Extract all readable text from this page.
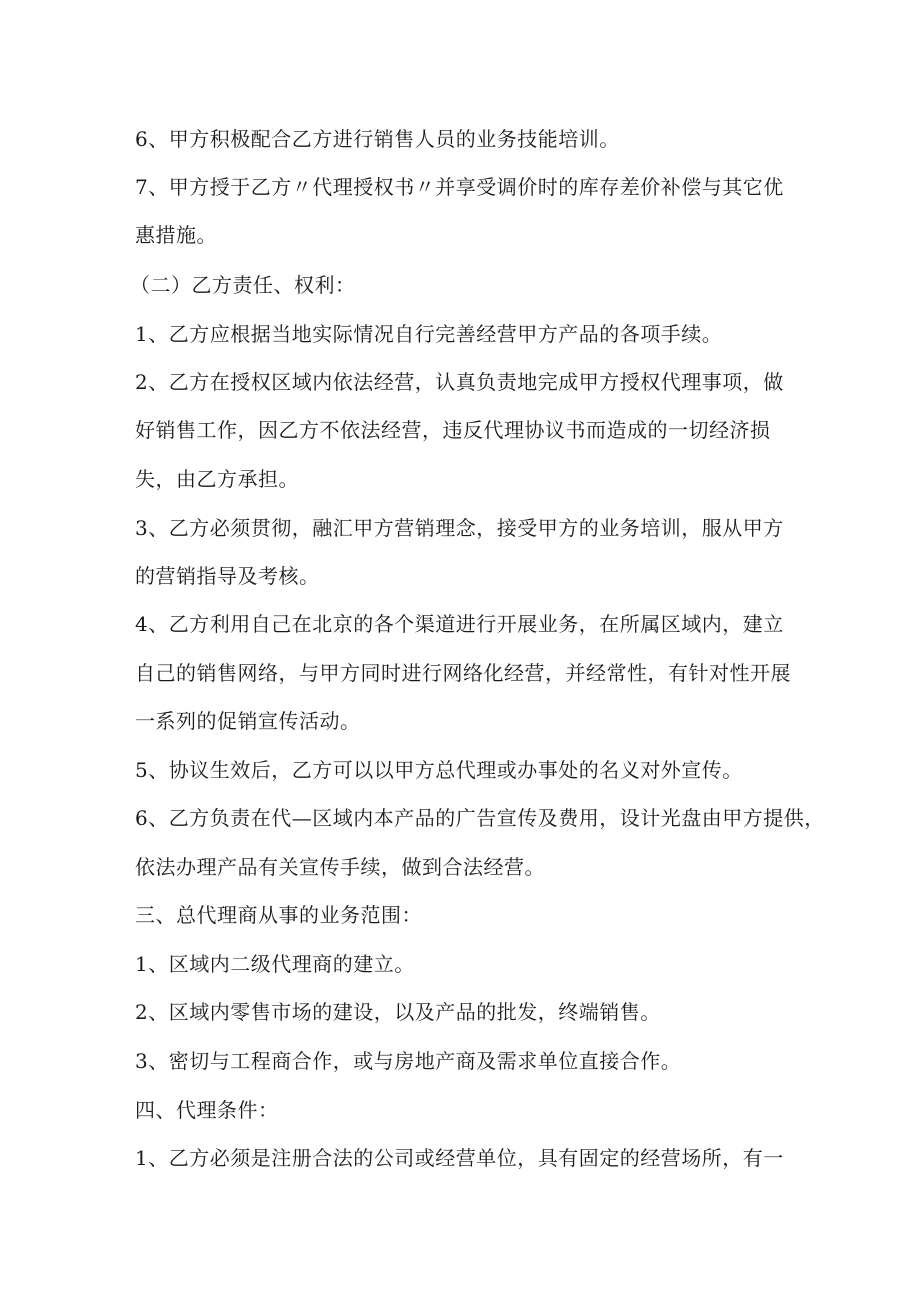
6、甲方积极配合乙方进行销售人员的业务技能培训。

7、甲方授于乙方〃代理授权书〃并享受调价时的库存差价补偿与其它优

惠措施。

（二）乙方责任、权利：

1、乙方应根据当地实际情况自行完善经营甲方产品的各项手续。

2、乙方在授权区域内依法经营，认真负责地完成甲方授权代理事项，做

好销售工作，因乙方不依法经营，违反代理协议书而造成的一切经济损

失，由乙方承担。

3、乙方必须贯彻，融汇甲方营销理念，接受甲方的业务培训，服从甲方

的营销指导及考核。

4、乙方利用自己在北京的各个渠道进行开展业务，在所属区域内，建立

自己的销售网络，与甲方同时进行网络化经营，并经常性，有针对性开展

一系列的促销宣传活动。

5、协议生效后，乙方可以以甲方总代理或办事处的名义对外宣传。

6、乙方负责在代—区域内本产品的广告宣传及费用，设计光盘由甲方提供，

依法办理产品有关宣传手续，做到合法经营。

三、总代理商从事的业务范围：

1、区域内二级代理商的建立。

2、区域内零售市场的建设，以及产品的批发，终端销售。

3、密切与工程商合作，或与房地产商及需求单位直接合作。

四、代理条件：

1、乙方必须是注册合法的公司或经营单位，具有固定的经营场所，有一
